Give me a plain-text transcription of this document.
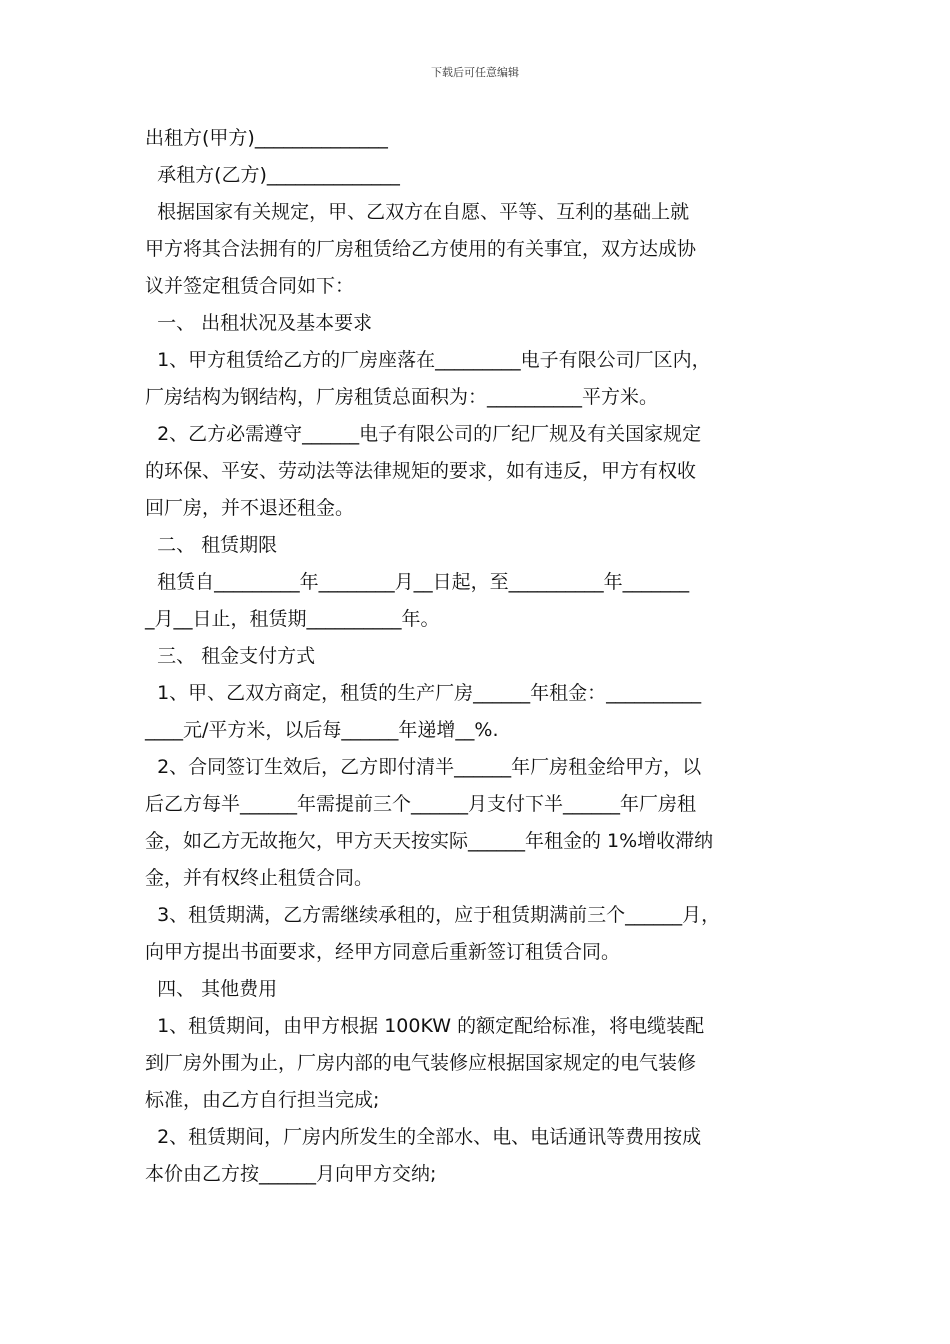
下载后可任意编辑
出租方(甲方)______________
承租方(乙方)______________
根据国家有关规定，甲、乙双方在自愿、平等、互利的基础上就
甲方将其合法拥有的厂房租赁给乙方使用的有关事宜，双方达成协
议并签定租赁合同如下：
一、 出租状况及基本要求
1、甲方租赁给乙方的厂房座落在_________电子有限公司厂区内，
厂房结构为钢结构，厂房租赁总面积为：__________平方米。
2、乙方必需遵守______电子有限公司的厂纪厂规及有关国家规定
的环保、平安、劳动法等法律规矩的要求，如有违反，甲方有权收
回厂房，并不退还租金。
二、 租赁期限
租赁自_________年________月__日起，至__________年_______
_月__日止，租赁期__________年。
三、 租金支付方式
1、甲、乙双方商定，租赁的生产厂房______年租金：__________
____元/平方米，以后每______年递增__%.
2、合同签订生效后，乙方即付清半______年厂房租金给甲方，以
后乙方每半______年需提前三个______月支付下半______年厂房租
金，如乙方无故拖欠，甲方天天按实际______年租金的 1%增收滞纳
金，并有权终止租赁合同。
3、租赁期满，乙方需继续承租的，应于租赁期满前三个______月，
向甲方提出书面要求，经甲方同意后重新签订租赁合同。
四、 其他费用
1、租赁期间，由甲方根据 100KW 的额定配给标准，将电缆装配
到厂房外围为止，厂房内部的电气装修应根据国家规定的电气装修
标准，由乙方自行担当完成;
2、租赁期间，厂房内所发生的全部水、电、电话通讯等费用按成
本价由乙方按______月向甲方交纳;
